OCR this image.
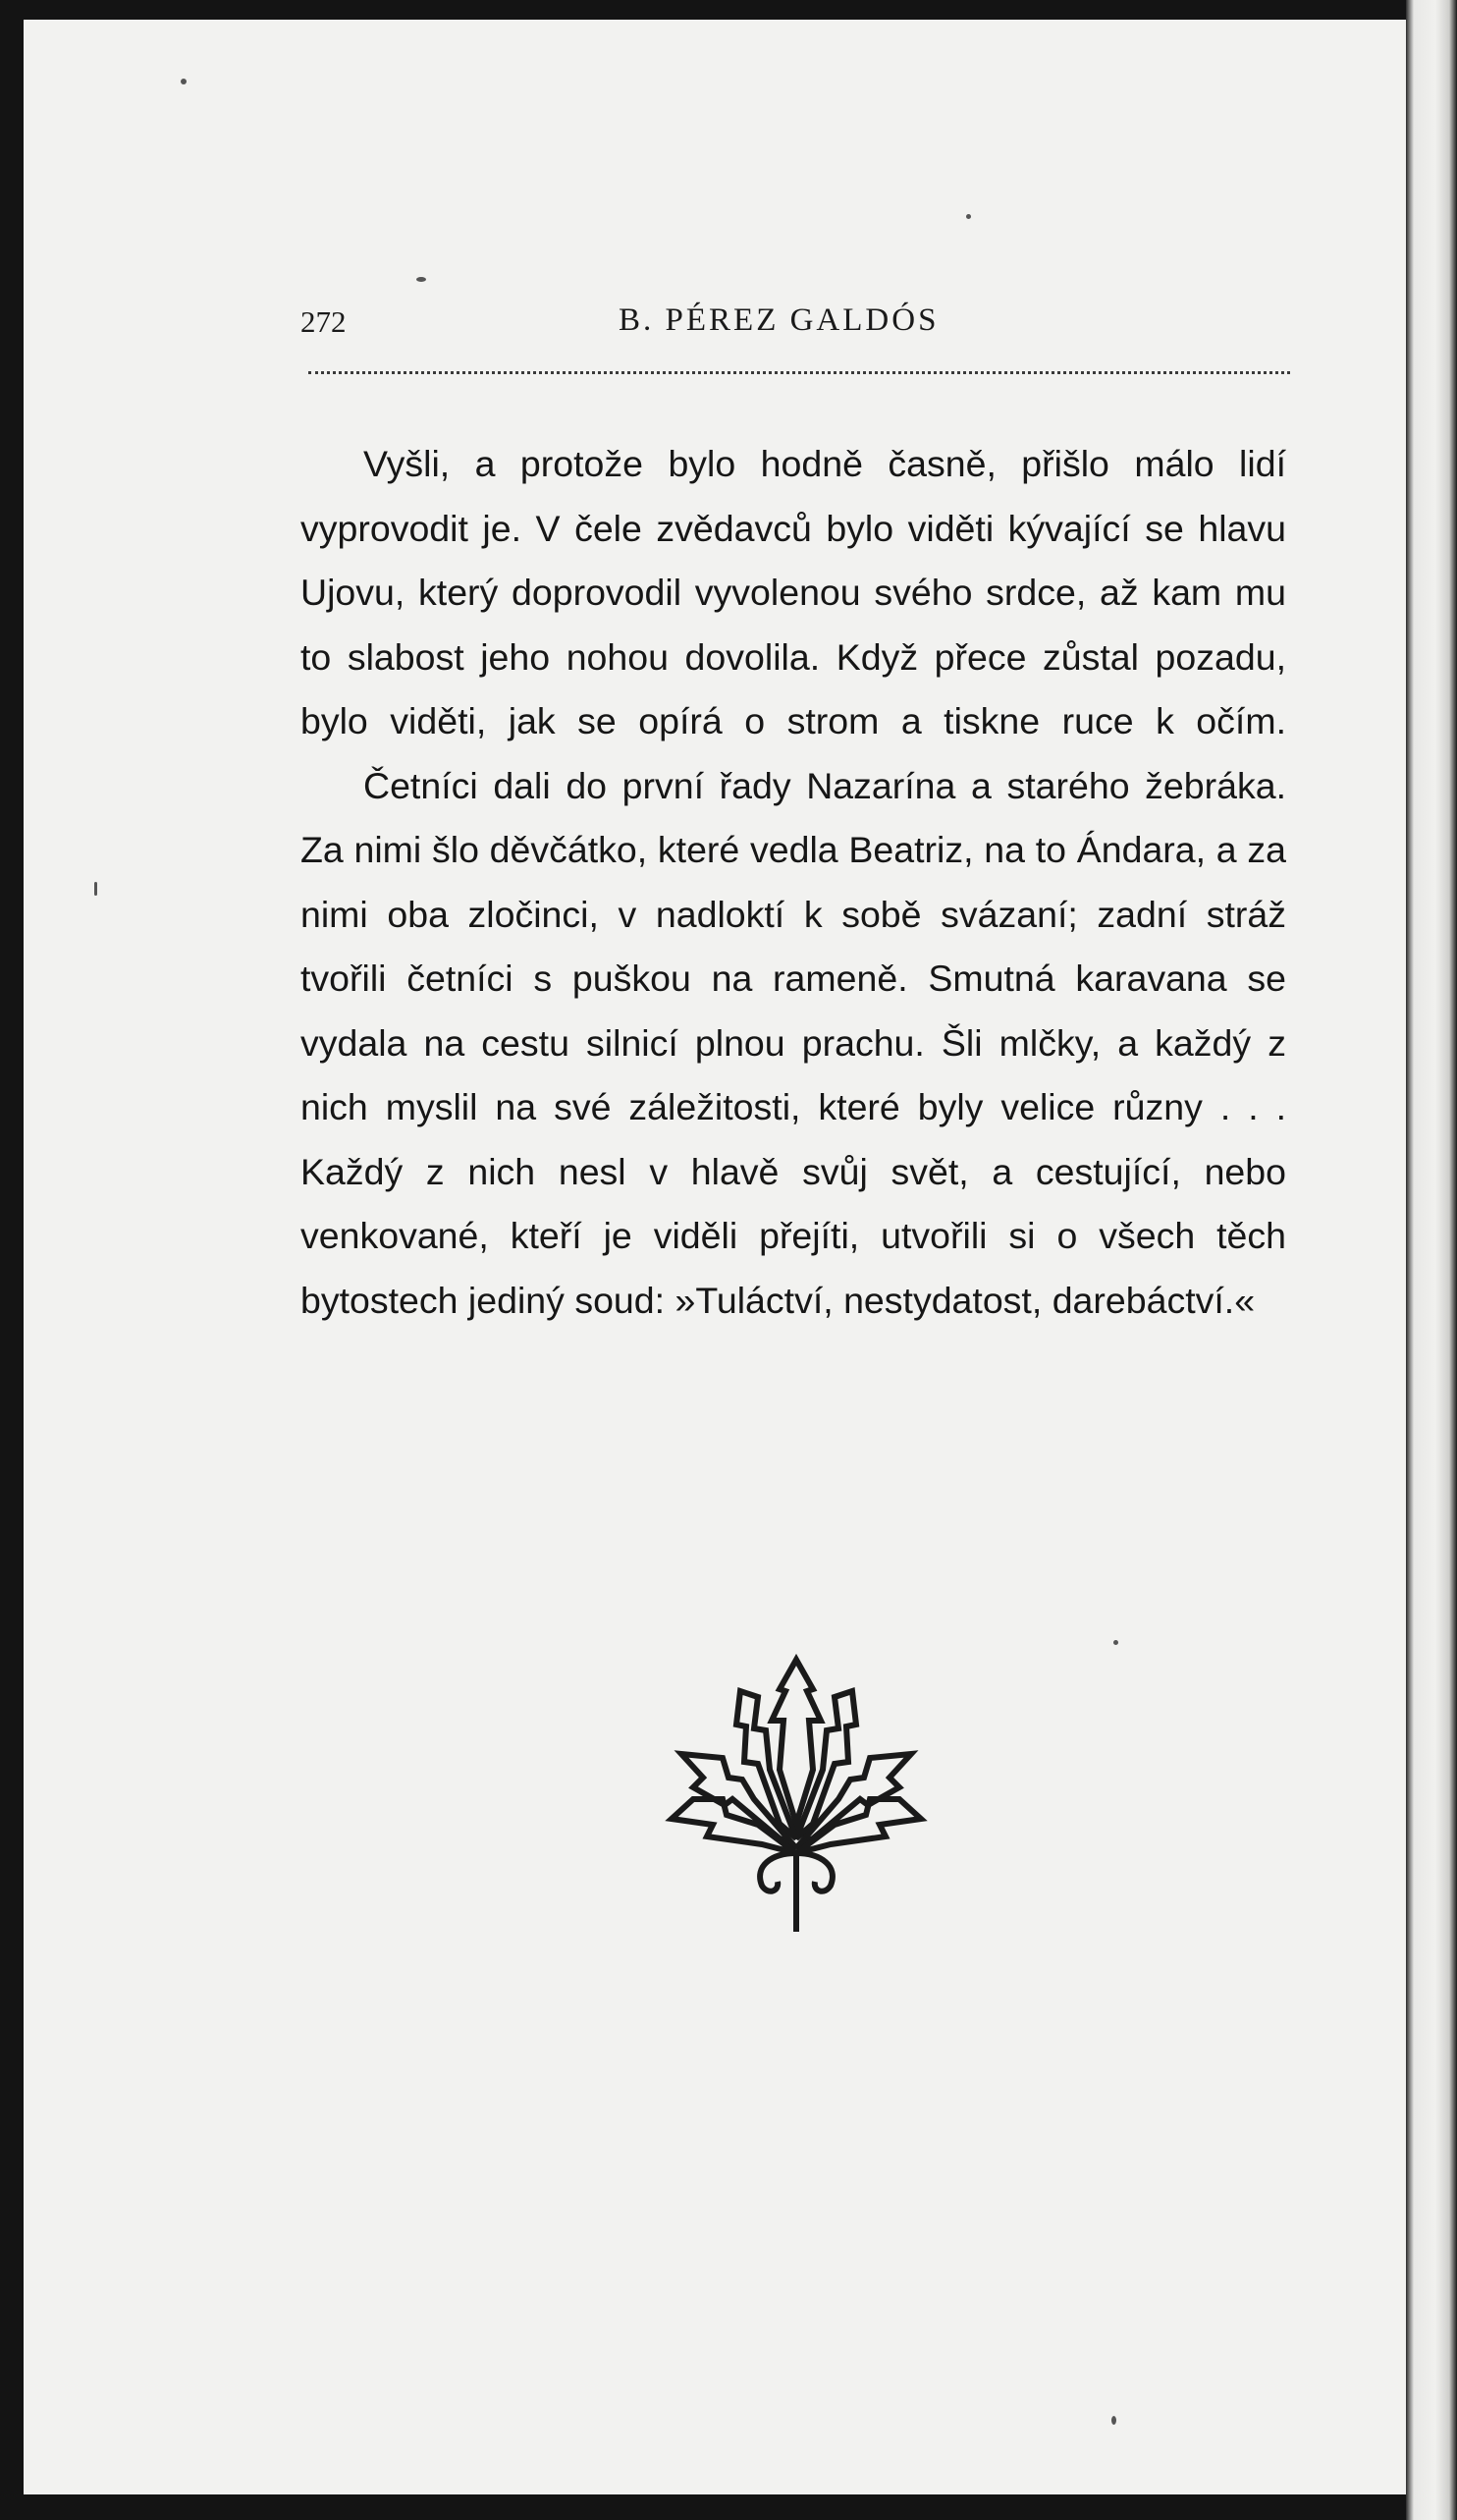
272	B. PÉREZ GALDÓS

Vyšli, a protože bylo hodně časně, přišlo málo lidí vyprovodit je. V čele zvědavců bylo viděti kývající se hlavu Ujovu, který doprovodil vyvolenou svého srdce, až kam mu to slabost jeho nohou dovolila. Když přece zůstal pozadu, bylo viděti, jak se opírá o strom a tiskne ruce k očím.

Četníci dali do první řady Nazarína a starého žebráka. Za nimi šlo děvčátko, které vedla Beatriz, na to Ándara, a za nimi oba zločinci, v nadloktí k sobě svázaní; zadní stráž tvořili četníci s puškou na rameně. Smutná karavana se vydala na cestu silnicí plnou prachu. Šli mlčky, a každý z nich myslil na své záležitosti, které byly velice různy . . . Každý z nich nesl v hlavě svůj svět, a cestující, nebo venkované, kteří je viděli přejíti, utvořili si o všech těch bytostech jediný soud: »Tuláctví, nestydatost, darebáctví.«
